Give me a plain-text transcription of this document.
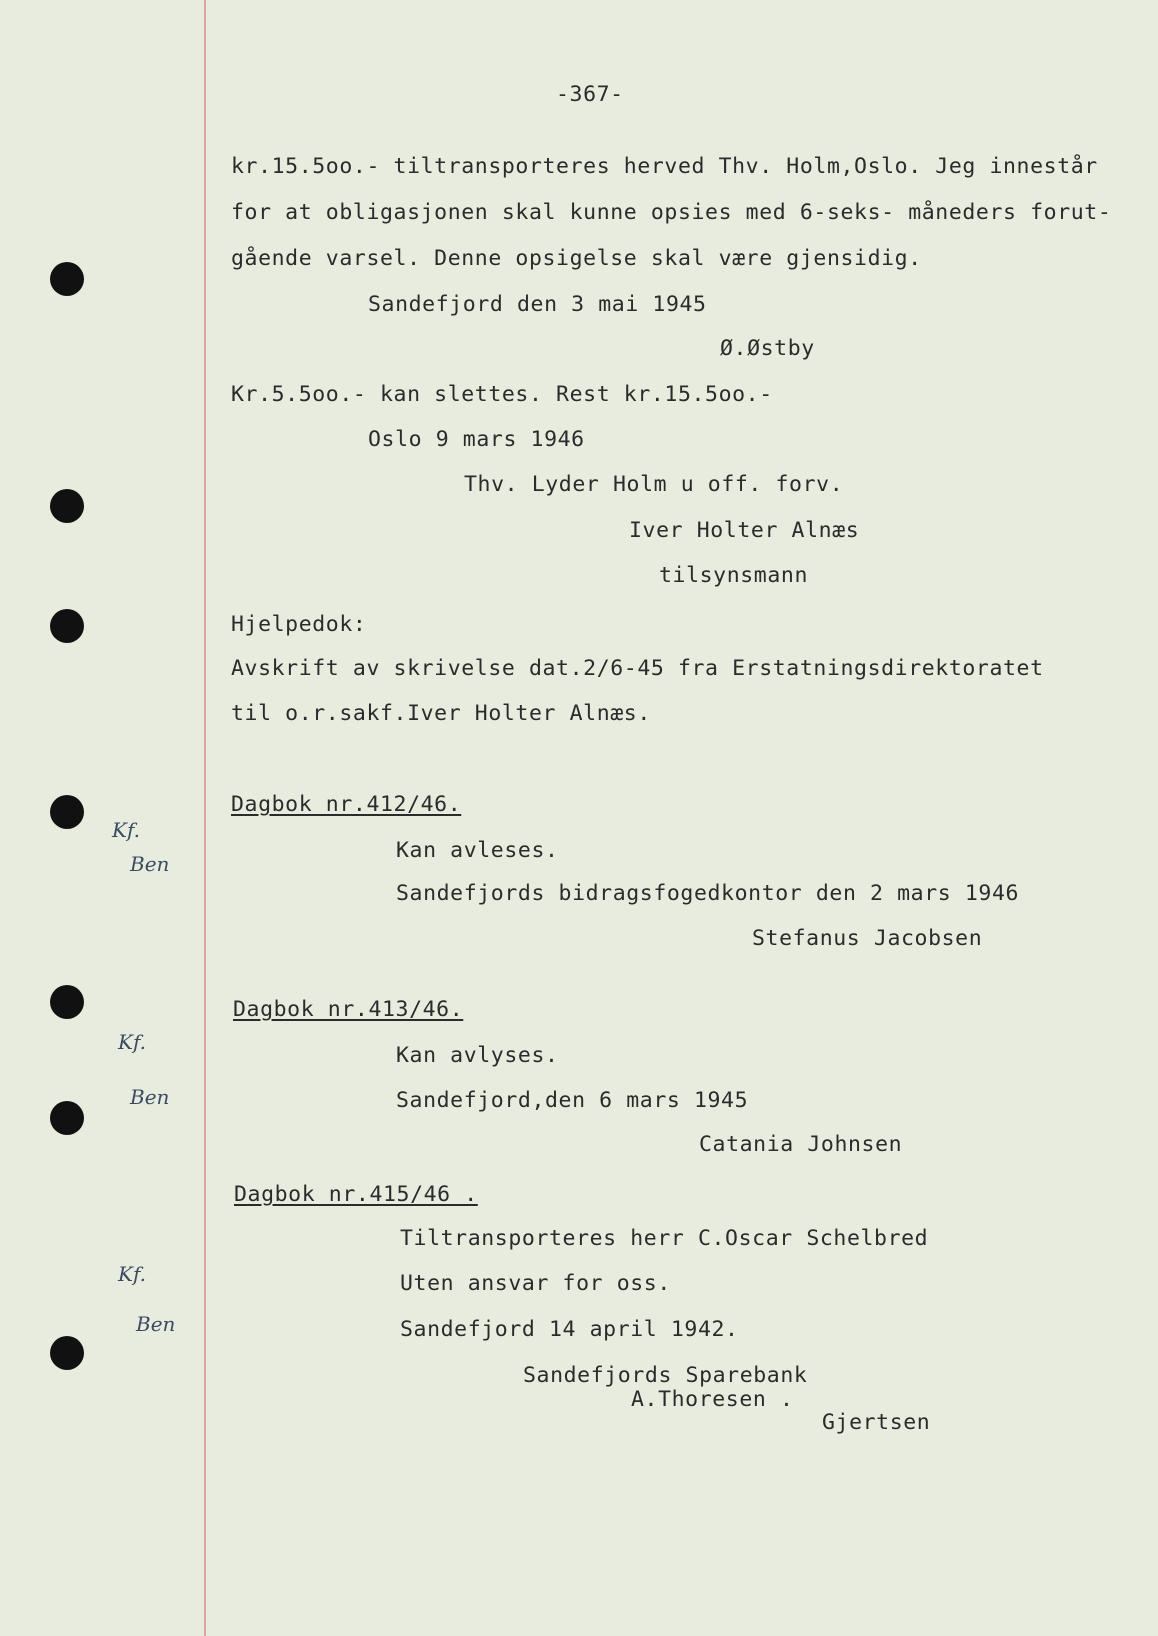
Kf.
Ben
Kf.
Ben
Kf.
Ben
-367-
kr.15.5oo.- tiltransporteres herved Thv. Holm,Oslo. Jeg innestår
for at obligasjonen skal kunne opsies med 6-seks- måneders forut-
gående varsel. Denne opsigelse skal være gjensidig.
Sandefjord den 3 mai 1945
Ø.Østby
Kr.5.5oo.- kan slettes. Rest kr.15.5oo.-
Oslo 9 mars 1946
Thv. Lyder Holm u off. forv.
Iver Holter Alnæs
tilsynsmann
Hjelpedok:
Avskrift av skrivelse dat.2/6-45 fra Erstatningsdirektoratet
til o.r.sakf.Iver Holter Alnæs.
Dagbok nr.412/46.
Kan avleses.
Sandefjords bidragsfogedkontor den 2 mars 1946
Stefanus Jacobsen
Dagbok nr.413/46.
Kan avlyses.
Sandefjord,den 6 mars 1945
Catania Johnsen
Dagbok nr.415/46 .
Tiltransporteres herr C.Oscar Schelbred
Uten ansvar for oss.
Sandefjord 14 april 1942.
Sandefjords Sparebank
A.Thoresen .
Gjertsen
